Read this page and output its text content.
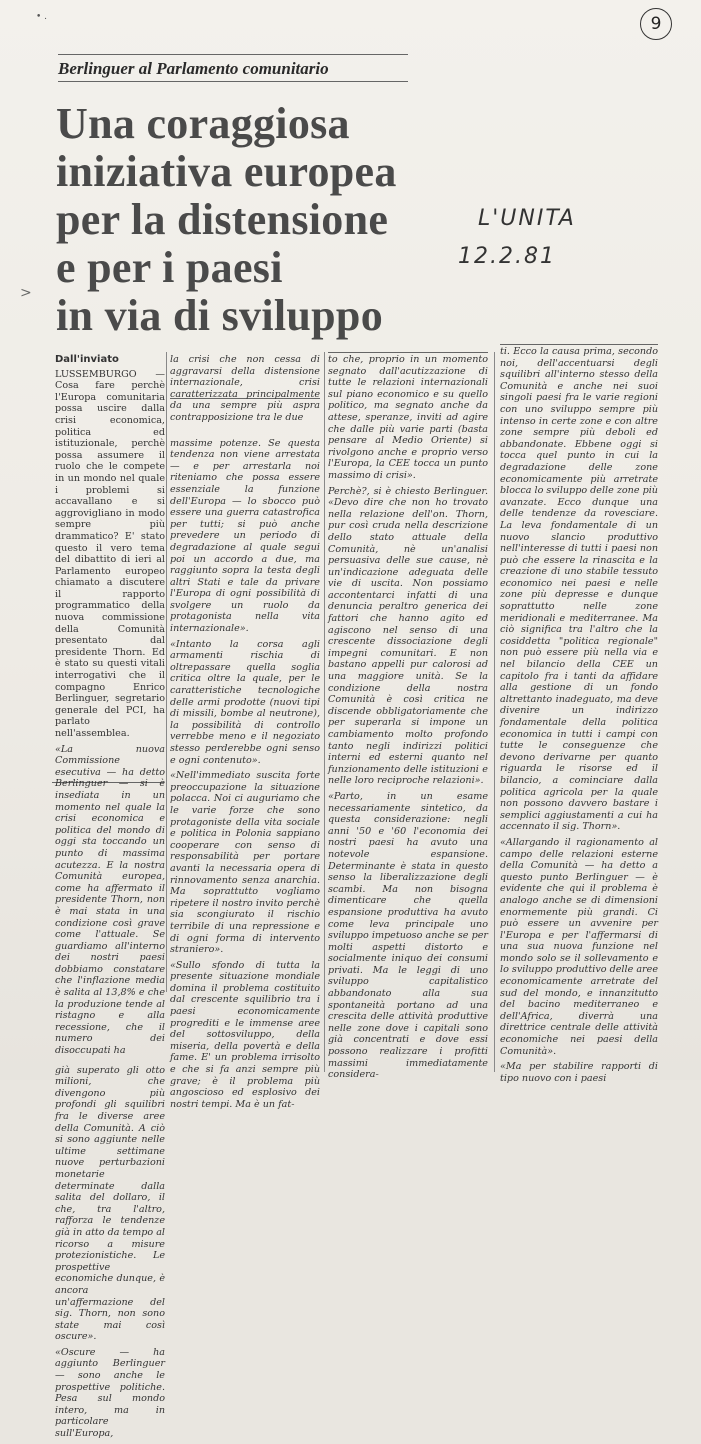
• .	9
Berlinguer al Parlamento comunitario
Una coraggiosa
iniziativa europea
per la distensione
e per i paesi
in via di sviluppo
L'UNITA
12.2.81
>
Dall'inviato

LUSSEMBURGO — Cosa fare perchè l'Europa comunitaria possa uscire dalla crisi economica, politica ed istituzionale, perchè possa assumere il ruolo che le compete in un mondo nel quale i problemi si accavallano e si aggrovigliano in modo sempre più drammatico? E' stato questo il vero tema del dibattito di ieri al Parlamento europeo chiamato a discutere il rapporto programmatico della nuova commissione della Comunità presentato dal presidente Thorn. Ed è stato su questi vitali interrogativi che il compagno Enrico Berlinguer, segretario generale del PCI, ha parlato nell'assemblea.

«La nuova Commissione esecutiva — ha detto Berlinguer — si è insediata in un momento nel quale la crisi economica e politica del mondo di oggi sta toccando un punto di massima acutezza. E la nostra Comunità europea, come ha affermato il presidente Thorn, non è mai stata in una condizione così grave come l'attuale. Se guardiamo all'interno dei nostri paesi dobbiamo constatare che l'inflazione media è salita al 13,8% e che la produzione tende al ristagno e alla recessione, che il numero dei disoccupati ha

già superato gli otto milioni, che divengono più profondi gli squilibri fra le diverse aree della Comunità. A ciò si sono aggiunte nelle ultime settimane nuove perturbazioni monetarie determinate dalla salita del dollaro, il che, tra l'altro, rafforza le tendenze già in atto da tempo al ricorso a misure protezionistiche. Le prospettive economiche dunque, è ancora un'affermazione del sig. Thorn, non sono state mai così oscure».

«Oscure — ha aggiunto Berlinguer — sono anche le prospettive politiche. Pesa sul mondo intero, ma in particolare sull'Europa,

la crisi che non cessa di aggravarsi della distensione internazionale, crisi caratterizzata principalmente da una sempre più aspra contrapposizione tra le due

massime potenze. Se questa tendenza non viene arrestata — e per arrestarla noi riteniamo che possa essere essenziale la funzione dell'Europa — lo sbocco può essere una guerra catastrofica per tutti; si può anche prevedere un periodo di degradazione al quale segui poi un accordo a due, ma raggiunto sopra la testa degli altri Stati e tale da privare l'Europa di ogni possibilità di svolgere un ruolo da protagonista nella vita internazionale».

«Intanto la corsa agli armamenti rischia di oltrepassare quella soglia critica oltre la quale, per le caratteristiche tecnologiche delle armi prodotte (nuovi tipi di missili, bombe al neutrone), la possibilità di controllo verrebbe meno e il negoziato stesso perderebbe ogni senso e ogni contenuto».

«Nell'immediato suscita forte preoccupazione la situazione polacca. Noi ci auguriamo che le varie forze che sono protagoniste della vita sociale e politica in Polonia sappiano cooperare con senso di responsabilità per portare avanti la necessaria opera di rinnovamento senza anarchia. Ma soprattutto vogliamo ripetere il nostro invito perchè sia scongiurato il rischio terribile di una repressione e di ogni forma di intervento straniero».

«Sullo sfondo di tutta la presente situazione mondiale domina il problema costituito dal crescente squilibrio tra i paesi economicamente progrediti e le immense aree del sottosviluppo, della miseria, della povertà e della fame. E' un problema irrisolto e che si fa anzi sempre più grave; è il problema più angoscioso ed esplosivo dei nostri tempi. Ma è un fat-

to che, proprio in un momento segnato dall'acutizzazione di tutte le relazioni internazionali sul piano economico e su quello politico, ma segnato anche da attese, speranze, inviti ad agire che dalle più varie parti (basta pensare al Medio Oriente) si rivolgono anche e proprio verso l'Europa, la CEE tocca un punto massimo di crisi».

Perchè?, si è chiesto Berlinguer. «Devo dire che non ho trovato nella relazione dell'on. Thorn, pur così cruda nella descrizione dello stato attuale della Comunità, nè un'analisi persuasiva delle sue cause, nè un'indicazione adeguata delle vie di uscita. Non possiamo accontentarci infatti di una denuncia peraltro generica dei fattori che hanno agito ed agiscono nel senso di una crescente dissociazione degli impegni comunitari. E non bastano appelli pur calorosi ad una maggiore unità. Se la condizione della nostra Comunità è così critica ne discende obbligatoriamente che per superarla si impone un cambiamento molto profondo tanto negli indirizzi politici interni ed esterni quanto nel funzionamento delle istituzioni e nelle loro reciproche relazioni».

«Parto, in un esame necessariamente sintetico, da questa considerazione: negli anni '50 e '60 l'economia dei nostri paesi ha avuto una notevole espansione. Determinante è stata in questo senso la liberalizzazione degli scambi. Ma non bisogna dimenticare che quella espansione produttiva ha avuto come leva principale uno sviluppo impetuoso anche se per molti aspetti distorto e socialmente iniquo dei consumi privati. Ma le leggi di uno sviluppo capitalistico abbandonato alla sua spontaneità portano ad una crescita delle attività produttive nelle zone dove i capitali sono già concentrati e dove essi possono realizzare i profitti massimi immediatamente considera-

ti. Ecco la causa prima, secondo noi, dell'accentuarsi degli squilibri all'interno stesso della Comunità e anche nei suoi singoli paesi fra le varie regioni con uno sviluppo sempre più intenso in certe zone e con altre zone sempre più deboli ed abbandonate. Ebbene oggi si tocca quel punto in cui la degradazione delle zone economicamente più arretrate blocca lo sviluppo delle zone più avanzate. Ecco dunque una delle tendenze da rovesciare. La leva fondamentale di un nuovo slancio produttivo nell'interesse di tutti i paesi non può che essere la rinascita e la creazione di uno stabile tessuto economico nei paesi e nelle zone più depresse e dunque soprattutto nelle zone meridionali e mediterranee. Ma ciò significa tra l'altro che la cosiddetta "politica regionale" non può essere più nella via e nel bilancio della CEE un capitolo fra i tanti da affidare alla gestione di un fondo altrettanto inadeguato, ma deve divenire un indirizzo fondamentale della politica economica in tutti i campi con tutte le conseguenze che devono derivarne per quanto riguarda le risorse ed il bilancio, a cominciare dalla politica agricola per la quale non possono davvero bastare i semplici aggiustamenti a cui ha accennato il sig. Thorn».

«Allargando il ragionamento al campo delle relazioni esterne della Comunità — ha detto a questo punto Berlinguer — è evidente che qui il problema è analogo anche se di dimensioni enormemente più grandi. Ci può essere un avvenire per l'Europa e per l'affermarsi di una sua nuova funzione nel mondo solo se il sollevamento e lo sviluppo produttivo delle aree economicamente arretrate del sud del mondo, e innanzitutto del bacino mediterraneo e dell'Africa, diverrà una direttrice centrale delle attività economiche nei paesi della Comunità».

«Ma per stabilire rapporti di tipo nuovo con i paesi
